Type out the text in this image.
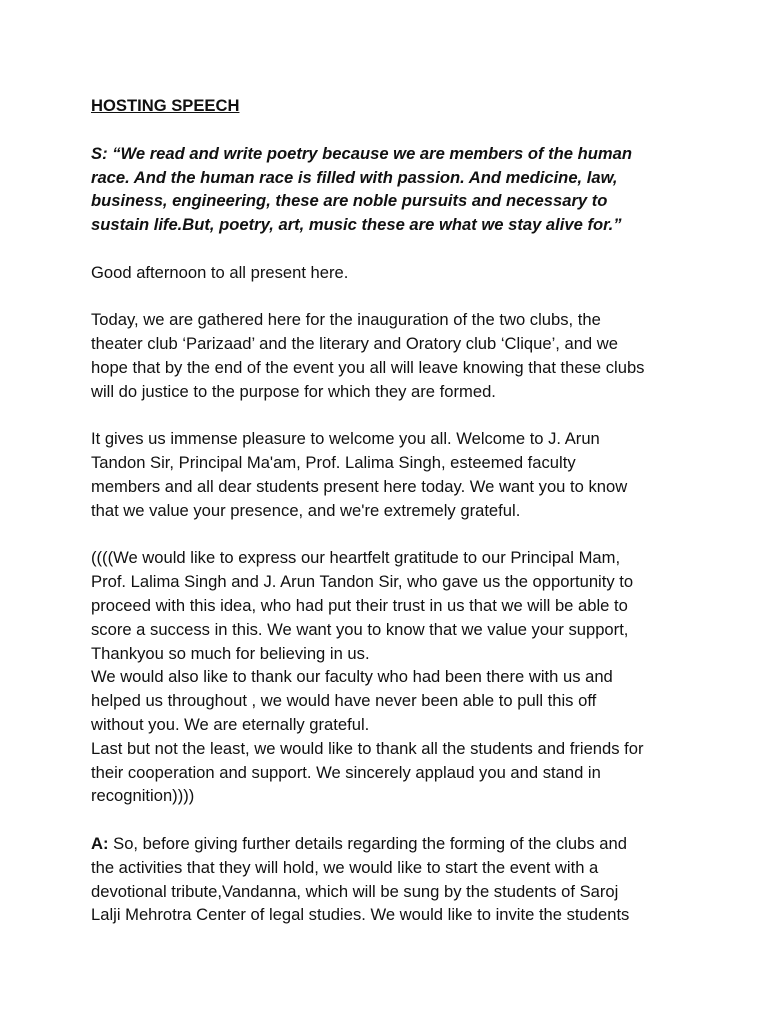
HOSTING SPEECH
S: “We read and write poetry because we are members of the human
race. And the human race is filled with passion. And medicine, law,
business, engineering, these are noble pursuits and necessary to
sustain life.But, poetry, art, music these are what we stay alive for.”
Good afternoon to all present here.
Today, we are gathered here for the inauguration of the two clubs, the
theater club ‘Parizaad’ and the literary and Oratory club ‘Clique’, and we
hope that by the end of the event you all will leave knowing that these clubs
will do justice to the purpose for which they are formed.
It gives us immense pleasure to welcome you all. Welcome to J. Arun
Tandon Sir, Principal Ma'am, Prof. Lalima Singh, esteemed faculty
members and all dear students present here today. We want you to know
that we value your presence, and we're extremely grateful.
((((We would like to express our heartfelt gratitude to our Principal Mam,
Prof. Lalima Singh and J. Arun Tandon Sir, who gave us the opportunity to
proceed with this idea, who had put their trust in us that we will be able to
score a success in this. We want you to know that we value your support,
Thankyou so much for believing in us.
We would also like to thank our faculty who had been there with us and
helped us throughout , we would have never been able to pull this off
without you. We are eternally grateful.
Last but not the least, we would like to thank all the students and friends for
their cooperation and support. We sincerely applaud you and stand in
recognition))))
A: So, before giving further details regarding the forming of the clubs and
the activities that they will hold, we would like to start the event with a
devotional tribute,Vandanna, which will be sung by the students of Saroj
Lalji Mehrotra Center of legal studies. We would like to invite the students
